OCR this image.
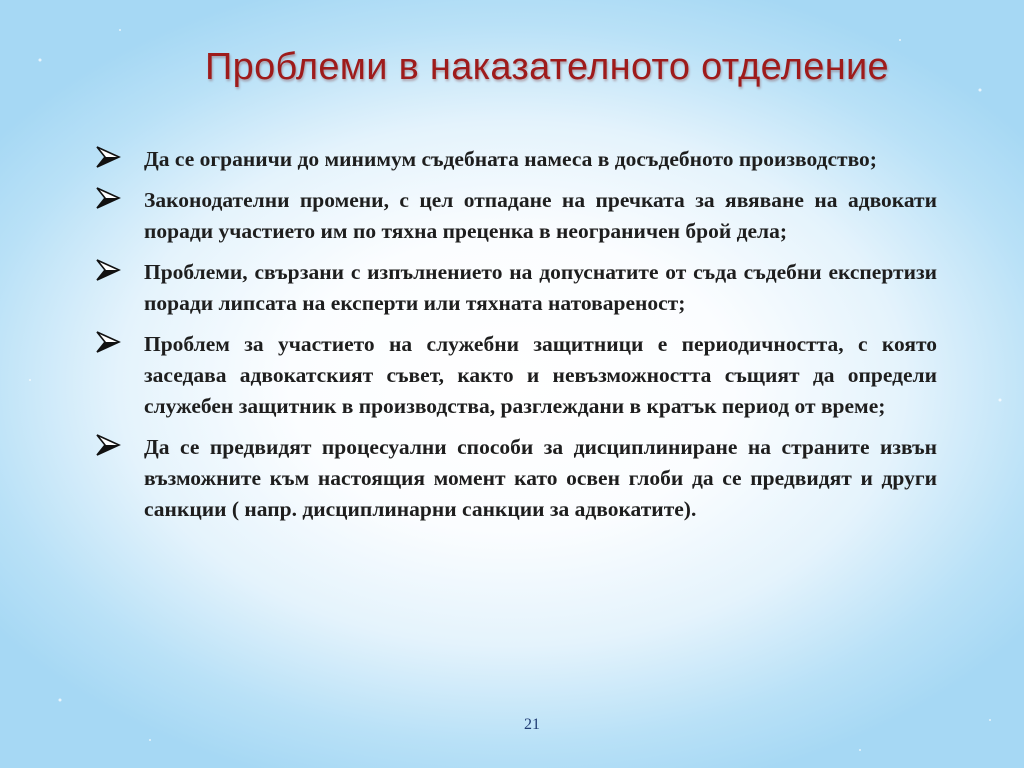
Проблеми в наказателното отделение
Да се ограничи до минимум съдебната намеса в досъдебното производство;
Законодателни промени, с цел отпадане на пречката за явяване на адвокати поради участието им по тяхна преценка в неограничен брой дела;
Проблеми, свързани с изпълнението на допуснатите от съда съдебни експертизи поради липсата на експерти или тяхната натовареност;
Проблем за участието на служебни защитници е периодичността, с която заседава адвокатският съвет, както и невъзможността същият да определи служебен защитник в производства, разглеждани в кратък период от време;
Да се предвидят процесуални способи за дисциплиниране на страните извън възможните към настоящия момент като освен глоби да се предвидят и други санкции ( напр. дисциплинарни санкции за адвокатите).
21
